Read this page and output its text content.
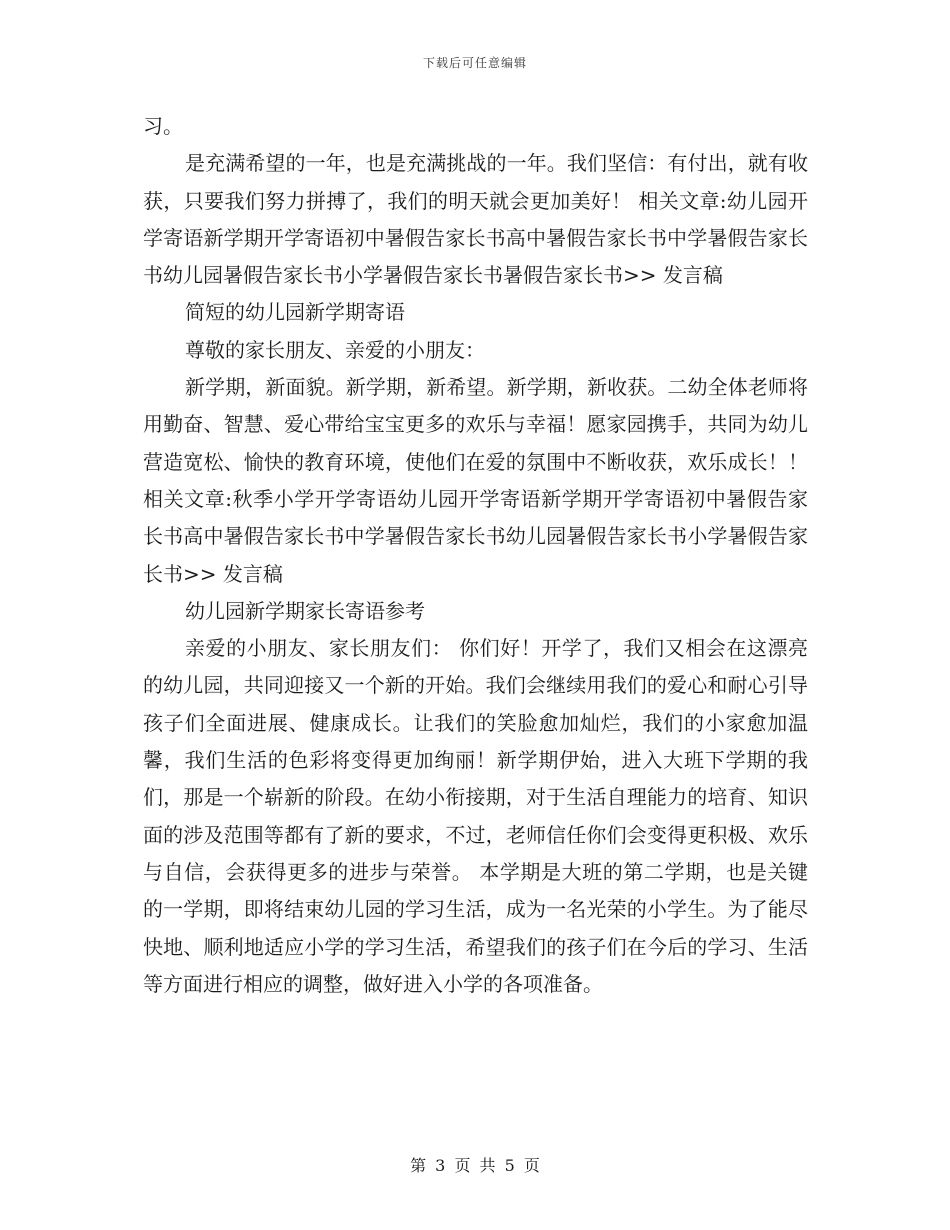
下载后可任意编辑

习。

是充满希望的一年，也是充满挑战的一年。我们坚信：有付出，就有收获，只要我们努力拼搏了，我们的明天就会更加美好！ 相关文章:幼儿园开学寄语新学期开学寄语初中暑假告家长书高中暑假告家长书中学暑假告家长书幼儿园暑假告家长书小学暑假告家长书暑假告家长书>> 发言稿

简短的幼儿园新学期寄语

尊敬的家长朋友、亲爱的小朋友：

新学期，新面貌。新学期，新希望。新学期，新收获。二幼全体老师将用勤奋、智慧、爱心带给宝宝更多的欢乐与幸福！愿家园携手，共同为幼儿营造宽松、愉快的教育环境，使他们在爱的氛围中不断收获，欢乐成长！！ 相关文章:秋季小学开学寄语幼儿园开学寄语新学期开学寄语初中暑假告家长书高中暑假告家长书中学暑假告家长书幼儿园暑假告家长书小学暑假告家长书>> 发言稿

幼儿园新学期家长寄语参考

亲爱的小朋友、家长朋友们： 你们好！开学了，我们又相会在这漂亮的幼儿园，共同迎接又一个新的开始。我们会继续用我们的爱心和耐心引导孩子们全面进展、健康成长。让我们的笑脸愈加灿烂，我们的小家愈加温馨，我们生活的色彩将变得更加绚丽！新学期伊始，进入大班下学期的我们，那是一个崭新的阶段。在幼小衔接期，对于生活自理能力的培育、知识面的涉及范围等都有了新的要求，不过，老师信任你们会变得更积极、欢乐与自信，会获得更多的进步与荣誉。 本学期是大班的第二学期，也是关键的一学期，即将结束幼儿园的学习生活，成为一名光荣的小学生。为了能尽快地、顺利地适应小学的学习生活，希望我们的孩子们在今后的学习、生活等方面进行相应的调整，做好进入小学的各项准备。

第 3 页 共 5 页
